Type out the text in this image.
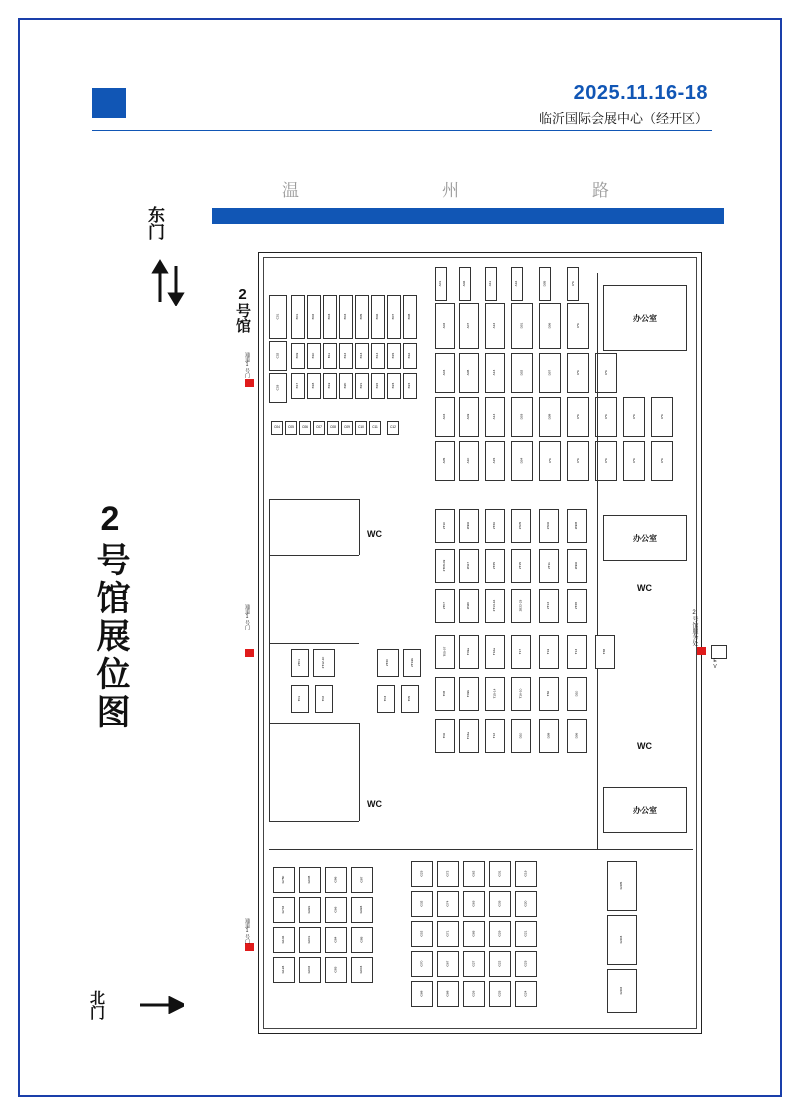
2025.11.16-18
临沂国际会展中心（经开区）
2号馆展位图
温	州	路
东门
北门
2号馆	C01
C02
C03
B01	B02	B03	B04	B05	B06	B07	B08
B09	B10	B11	B12	B13	B14	B15	B16
B17	B18	B19	B20	B21	B22	B23	B24
C04	C05	C06	C07	C08	C09	C10	C11	C12
A01
A02
A03
A04
A05
A06
A07
A08
A09
A10
A11
A12
A13
A14
A15
A16
D01
D02
D03
D04
D05
D06
D07
D08
6*6
6*6
6*6
6*6
6*6
6*6
6*6
6*6
6*6
6*6
6*6
6*6
6*6
办公室
办公室
办公室
WC
WC
WC
WC
2T10	2N06	2T26	2S05	2S06	2N08
2T08-09	2N17	2T25	2T15	2T11	2N06
2T07	2N20	2T13-16	2B22-23	2T13	2T28
T05-07	T09a	T16a	T17	T19	T13	T38
T08	T09b	T15-14	T16-10	T36	D10
T06	T04a	T12	D10	D08	D06
2T01	2T12-10	2T20	2T19b
T01	T02	T03	T05
G780	G008	G86	G87
G742	G991	G66	G993
G106	G001	G84	G85
G193	G002	G83	G003
G23	G72	G62	G31	G19
G32	G74	G63	G33	G20
G02	G71	G65	G29	G21
G70	G67	G27	G22	G23
G68	G68	G26	G25	G24
G305
G303
G302
通道1号门
通道1号门
通道1号门
2号馆服务处
EV
